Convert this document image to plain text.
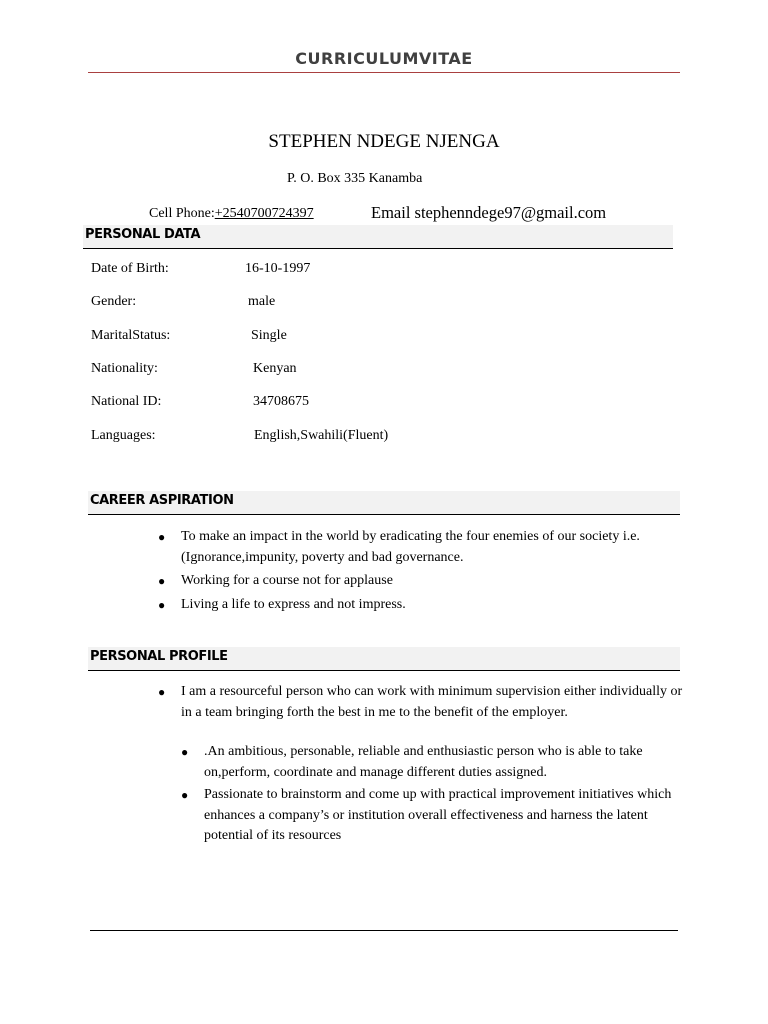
CURRICULUMVITAE
STEPHEN NDEGE NJENGA
P. O. Box 335 Kanamba
Cell Phone:+2540700724397	Email stephenndege97@gmail.com
PERSONAL DATA
Date of Birth:	16-10-1997
Gender:	male
MaritalStatus:	Single
Nationality:	Kenyan
National ID:	34708675
Languages:	English,Swahili(Fluent)
CAREER ASPIRATION
● To make an impact in the world by eradicating the four enemies of our society i.e. (Ignorance,impunity, poverty and bad governance.
● Working for a course not for applause
● Living a life to express and not impress.
PERSONAL PROFILE
● I am a resourceful person who can work with minimum supervision either individually or in a team bringing forth the best in me to the benefit of the employer.
● .An ambitious, personable, reliable and enthusiastic person who is able to take on,perform, coordinate and manage different duties assigned.
● Passionate to brainstorm and come up with practical improvement initiatives which enhances a company’s or institution overall effectiveness and harness the latent potential of its resources
